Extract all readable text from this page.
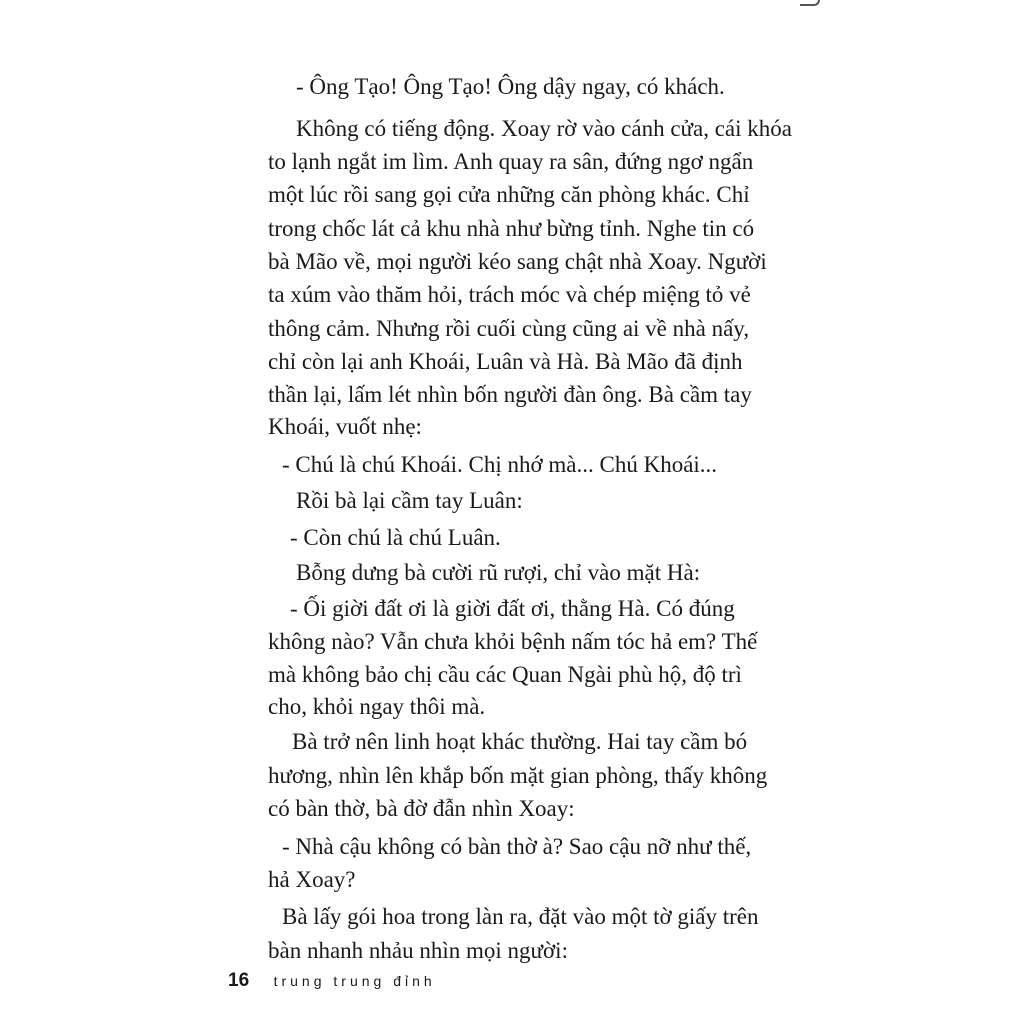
- Ông Tạo! Ông Tạo! Ông dậy ngay, có khách.
Không có tiếng động. Xoay rờ vào cánh cửa, cái khóa
to lạnh ngắt im lìm. Anh quay ra sân, đứng ngơ ngẩn
một lúc rồi sang gọi cửa những căn phòng khác. Chỉ
trong chốc lát cả khu nhà như bừng tỉnh. Nghe tin có
bà Mão về, mọi người kéo sang chật nhà Xoay. Người
ta xúm vào thăm hỏi, trách móc và chép miệng tỏ vẻ
thông cảm. Nhưng rồi cuối cùng cũng ai về nhà nấy,
chỉ còn lại anh Khoái, Luân và Hà. Bà Mão đã định
thần lại, lấm lét nhìn bốn người đàn ông. Bà cầm tay
Khoái, vuốt nhẹ:
- Chú là chú Khoái. Chị nhớ mà... Chú Khoái...
Rồi bà lại cầm tay Luân:
- Còn chú là chú Luân.
Bỗng dưng bà cười rũ rượi, chỉ vào mặt Hà:
- Ối giời đất ơi là giời đất ơi, thằng Hà. Có đúng
không nào? Vẫn chưa khỏi bệnh nấm tóc hả em? Thế
mà không bảo chị cầu các Quan Ngài phù hộ, độ trì
cho, khỏi ngay thôi mà.
Bà trở nên linh hoạt khác thường. Hai tay cầm bó
hương, nhìn lên khắp bốn mặt gian phòng, thấy không
có bàn thờ, bà đờ đẫn nhìn Xoay:
- Nhà cậu không có bàn thờ à? Sao cậu nỡ như thế,
hả Xoay?
Bà lấy gói hoa trong làn ra, đặt vào một tờ giấy trên
bàn nhanh nhảu nhìn mọi người:
16 trung trung đỉnh
